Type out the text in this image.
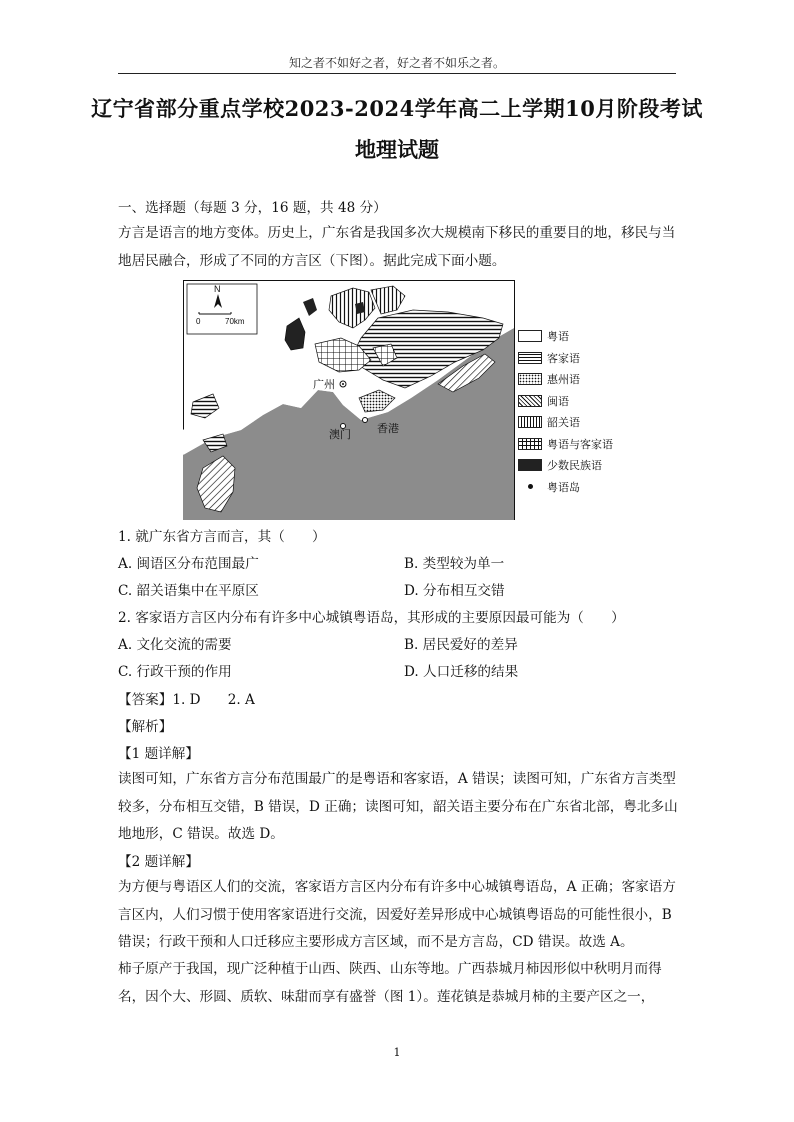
知之者不如好之者，好之者不如乐之者。
辽宁省部分重点学校2023-2024学年高二上学期10月阶段考试
地理试题
一、选择题（每题 3 分，16 题，共 48 分）

方言是语言的地方变体。历史上，广东省是我国多次大规模南下移民的重要目的地，移民与当地居民融合，形成了不同的方言区（下图）。据此完成下面小题。

N
0	70km
广州
香港
澳门
粤语
客家语
惠州语
闽语
韶关语
粤语与客家语
少数民族语
粤语岛
1. 就广东省方言而言，其（　　）
A. 闽语区分布范围最广	B. 类型较为单一
C. 韶关语集中在平原区	D. 分布相互交错
2. 客家语方言区内分布有许多中心城镇粤语岛，其形成的主要原因最可能为（　　）
A. 文化交流的需要	B. 居民爱好的差异
C. 行政干预的作用	D. 人口迁移的结果
【答案】1. D　　2. A
【解析】
【1 题详解】

读图可知，广东省方言分布范围最广的是粤语和客家语，A 错误；读图可知，广东省方言类型较多，分布相互交错，B 错误，D 正确；读图可知，韶关语主要分布在广东省北部，粤北多山地地形，C 错误。故选 D。

【2 题详解】

为方便与粤语区人们的交流，客家语方言区内分布有许多中心城镇粤语岛，A 正确；客家语方言区内，人们习惯于使用客家语进行交流，因爱好差异形成中心城镇粤语岛的可能性很小，B 错误；行政干预和人口迁移应主要形成方言区域，而不是方言岛，CD 错误。故选 A。

柿子原产于我国，现广泛种植于山西、陕西、山东等地。广西恭城月柿因形似中秋明月而得名，因个大、形圆、质软、味甜而享有盛誉（图 1）。莲花镇是恭城月柿的主要产区之一，

1
